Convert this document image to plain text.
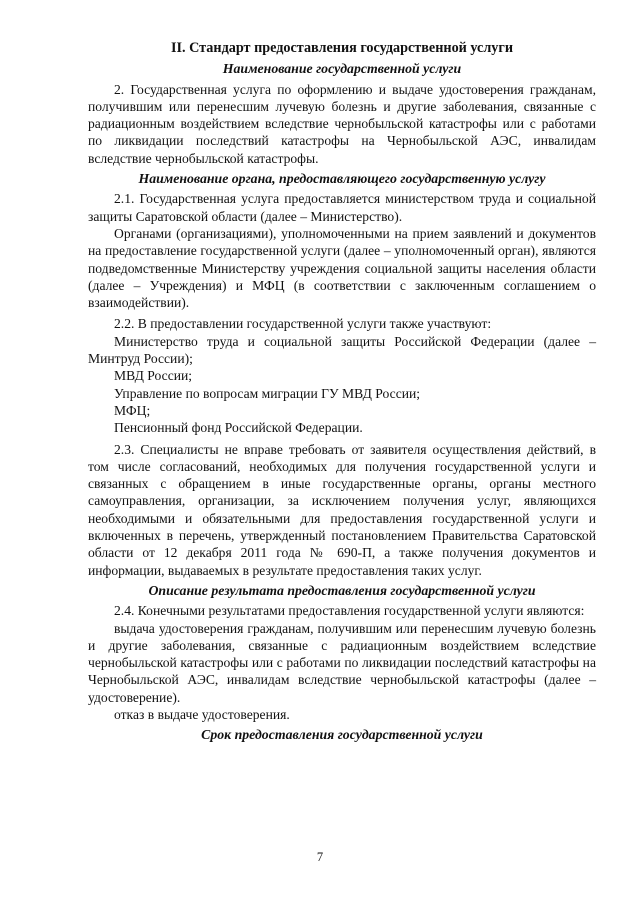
II. Стандарт предоставления государственной услуги
Наименование государственной услуги

2. Государственная услуга по оформлению и выдаче удостоверения гражданам, получившим или перенесшим лучевую болезнь и другие заболевания, связанные с радиационным воздействием вследствие чернобыльской катастрофы или с работами по ликвидации последствий катастрофы на Чернобыльской АЭС, инвалидам вследствие чернобыльской катастрофы.

Наименование органа, предоставляющего государственную услугу

2.1. Государственная услуга предоставляется министерством труда и социальной защиты Саратовской области (далее – Министерство).

Органами (организациями), уполномоченными на прием заявлений и документов на предоставление государственной услуги (далее – уполномоченный орган), являются подведомственные Министерству учреждения социальной защиты населения области (далее – Учреждения) и МФЦ (в соответствии с заключенным соглашением о взаимодействии).

2.2. В предоставлении государственной услуги также участвуют:

Министерство труда и социальной защиты Российской Федерации (далее – Минтруд России);

МВД России;

Управление по вопросам миграции ГУ МВД России;

МФЦ;

Пенсионный фонд Российской Федерации.

2.3. Специалисты не вправе требовать от заявителя осуществления действий, в том числе согласований, необходимых для получения государственной услуги и связанных с обращением в иные государственные органы, органы местного самоуправления, организации, за исключением получения услуг, являющихся необходимыми и обязательными для предоставления государственной услуги и включенных в перечень, утвержденный постановлением Правительства Саратовской области от 12 декабря 2011 года № 690-П, а также получения документов и информации, выдаваемых в результате предоставления таких услуг.

Описание результата предоставления государственной услуги

2.4. Конечными результатами предоставления государственной услуги являются:

выдача удостоверения гражданам, получившим или перенесшим лучевую болезнь и другие заболевания, связанные с радиационным воздействием вследствие чернобыльской катастрофы или с работами по ликвидации последствий катастрофы на Чернобыльской АЭС, инвалидам вследствие чернобыльской катастрофы (далее – удостоверение).

отказ в выдаче удостоверения.

Срок предоставления государственной услуги
7
